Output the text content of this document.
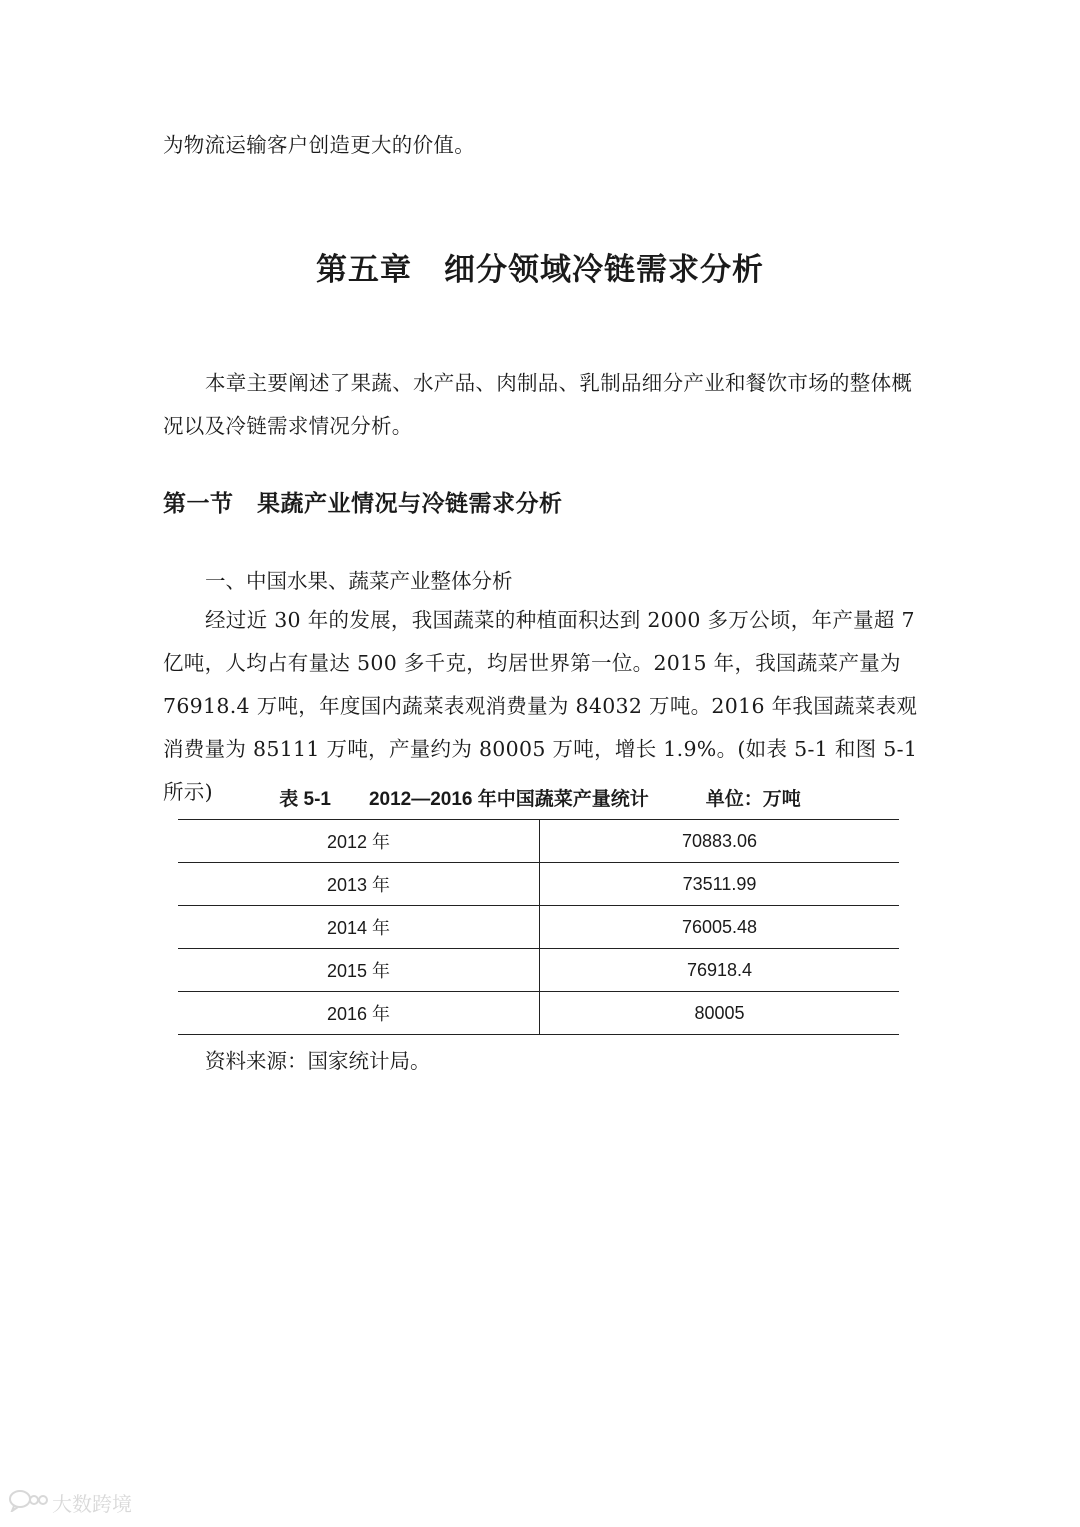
为物流运输客户创造更大的价值。

第五章　细分领域冷链需求分析

本章主要阐述了果蔬、水产品、肉制品、乳制品细分产业和餐饮市场的整体概况以及冷链需求情况分析。

第一节　果蔬产业情况与冷链需求分析

一、中国水果、蔬菜产业整体分析

经过近 30 年的发展，我国蔬菜的种植面积达到 2000 多万公顷，年产量超 7 亿吨，人均占有量达 500 多千克，均居世界第一位。2015 年，我国蔬菜产量为 76918.4 万吨，年度国内蔬菜表观消费量为 84032 万吨。2016 年我国蔬菜表观消费量为 85111 万吨，产量约为 80005 万吨，增长 1.9%。(如表 5-1 和图 5-1 所示)	表 5-1　　2012—2016 年中国蔬菜产量统计　　　单位：万吨

2012 年	70883.06
2013 年	73511.99
2014 年	76005.48
2015 年	76918.4
2016 年	80005

资料来源：国家统计局。

大数跨境
